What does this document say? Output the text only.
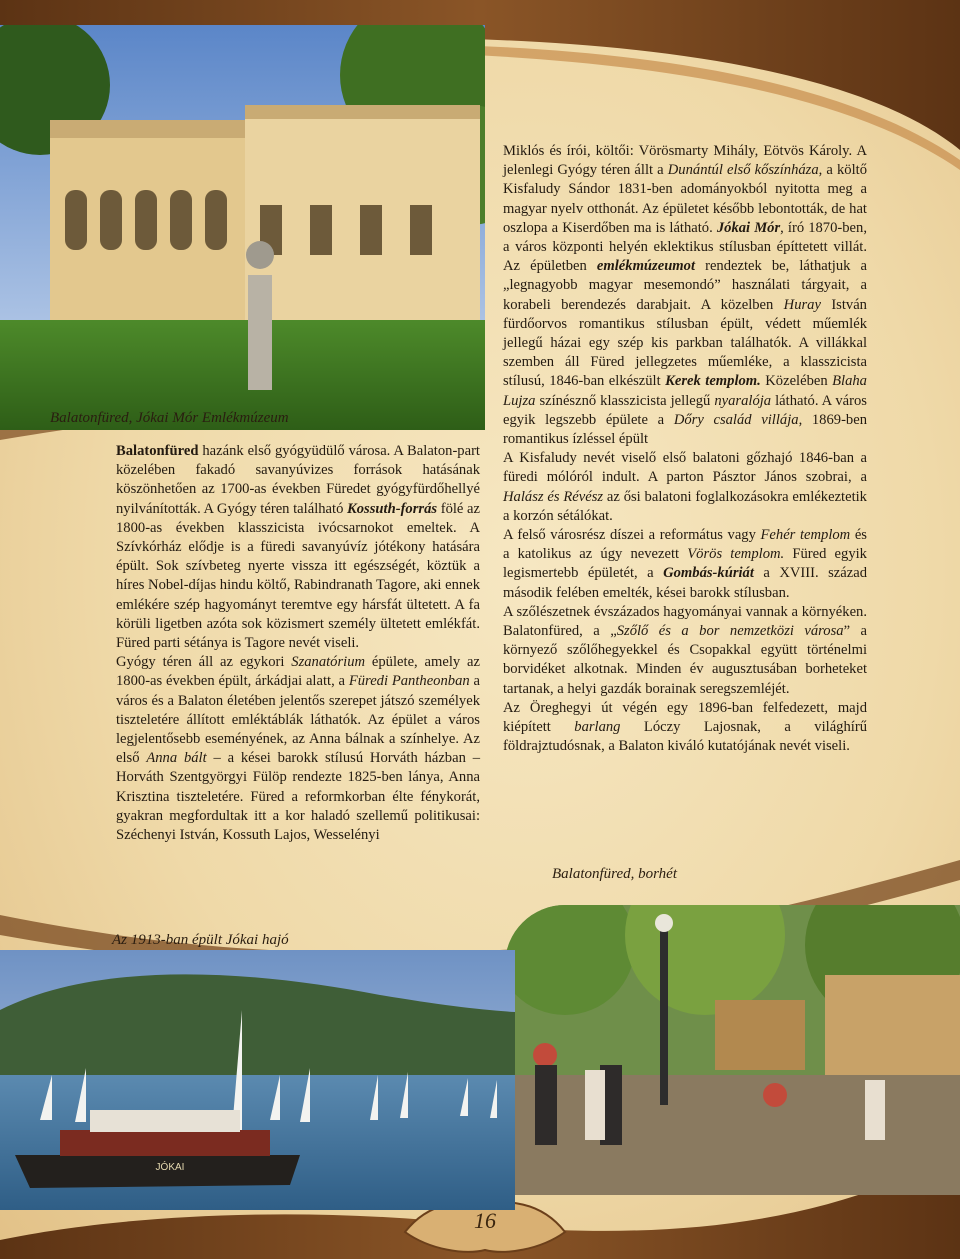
Balatonfüred, Jókai Mór Emlékmúzeum

Balatonfüred hazánk első gyógyüdülő városa. A Balaton-part közelében fakadó savanyúvizes források hatásának köszönhetően az 1700-as években Füredet gyógyfürdőhellyé nyilvánították. A Gyógy téren található Kossuth-forrás fölé az 1800-as években klasszicista ivócsarnokot emeltek. A Szívkórház elődje is a füredi savanyúvíz jótékony hatására épült. Sok szívbeteg nyerte vissza itt egészségét, köztük a híres Nobel-díjas hindu költő, Rabindranath Tagore, aki ennek emlékére szép hagyományt teremtve egy hársfát ültetett. A fa körüli ligetben azóta sok közismert személy ültetett emlékfát. Füred parti sétánya is Tagore nevét viseli.

Gyógy téren áll az egykori Szanatórium épülete, amely az 1800-as években épült, árkádjai alatt, a Füredi Pantheonban a város és a Balaton életében jelentős szerepet játszó személyek tiszteletére állított emléktáblák láthatók. Az épület a város legjelentősebb eseményének, az Anna bálnak a színhelye. Az első Anna bált – a kései barokk stílusú Horváth házban – Horváth Szentgyörgyi Fülöp rendezte 1825-ben lánya, Anna Krisztina tiszteletére. Füred a reformkorban élte fénykorát, gyakran megfordultak itt a kor haladó szellemű politikusai: Széchenyi István, Kossuth Lajos, Wesselényi

Miklós és írói, költői: Vörösmarty Mihály, Eötvös Károly. A jelenlegi Gyógy téren állt a Dunántúl első kőszínháza, a költő Kisfaludy Sándor 1831-ben adományokból nyitotta meg a magyar nyelv otthonát. Az épületet később lebontották, de hat oszlopa a Kiserdőben ma is látható. Jókai Mór, író 1870-ben, a város központi helyén eklektikus stílusban építtetett villát. Az épületben emlékmúzeumot rendeztek be, láthatjuk a „legnagyobb magyar mesemondó” használati tárgyait, a korabeli berendezés darabjait. A közelben Huray István fürdőorvos romantikus stílusban épült, védett műemlék jellegű házai egy szép kis parkban találhatók. A villákkal szemben áll Füred jellegzetes műemléke, a klasszicista stílusú, 1846-ban elkészült Kerek templom. Közelében Blaha Lujza színésznő klasszicista jellegű nyaralója látható. A város egyik legszebb épülete a Dőry család villája, 1869-ben romantikus ízléssel épült

A Kisfaludy nevét viselő első balatoni gőzhajó 1846-ban a füredi mólóról indult. A parton Pásztor János szobrai, a Halász és Révész az ősi balatoni foglalkozásokra emlékeztetik a korzón sétálókat.

A felső városrész díszei a református vagy Fehér templom és a katolikus az úgy nevezett Vörös templom. Füred egyik legismertebb épületét, a Gombás-kúriát a XVIII. század második felében emelték, kései barokk stílusban.

A szőlészetnek évszázados hagyományai vannak a környéken. Balatonfüred, a „Szőlő és a bor nemzetközi városa” a környező szőlőhegyekkel és Csopakkal együtt történelmi borvidéket alkotnak. Minden év augusztusában borheteket tartanak, a helyi gazdák borainak seregszemléjét.

Az Öreghegyi út végén egy 1896-ban felfedezett, majd kiépített barlang Lóczy Lajosnak, a világhírű földrajztudósnak, a Balaton kiváló kutatójának nevét viseli.

Balatonfüred, borhét
Az 1913-ban épült Jókai hajó
JÓKAI
16
